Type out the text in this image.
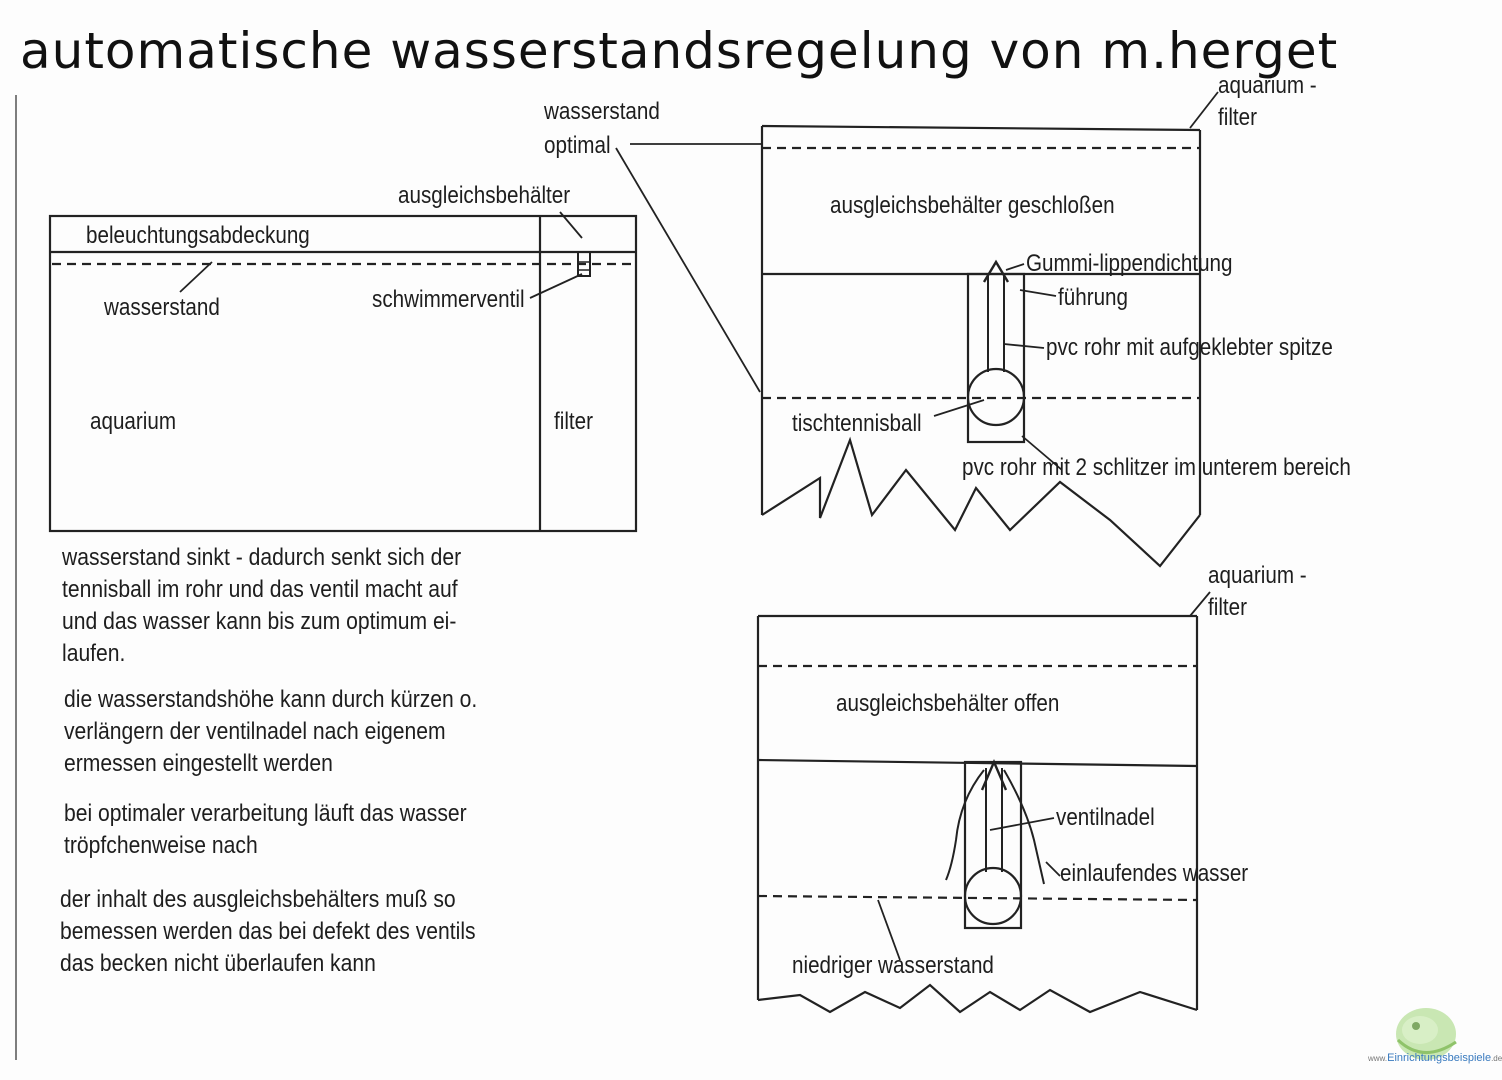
automatische wasserstandsregelung von m.herget
beleuchtungsabdeckung
ausgleichsbehälter
wasserstand	schwimmerventil
aquarium	filter
wasserstand
optimal
aquarium -
filter
ausgleichsbehälter geschloßen
Gummi-lippendichtung
führung
pvc rohr mit aufgeklebter spitze
tischtennisball
pvc rohr mit 2 schlitzer im unterem bereich
aquarium -
filter
ausgleichsbehälter offen
ventilnadel
einlaufendes wasser
niedriger wasserstand
wasserstand sinkt - dadurch senkt sich der
tennisball im rohr und das ventil macht auf
und das wasser kann bis zum optimum ei-
laufen.
die wasserstandshöhe kann durch kürzen o.
verlängern der ventilnadel nach eigenem
ermessen eingestellt werden
bei optimaler verarbeitung läuft das wasser
tröpfchenweise nach
der inhalt des ausgleichsbehälters muß so
bemessen werden das bei defekt des ventils
das becken nicht überlaufen kann
www.Einrichtungsbeispiele.de
